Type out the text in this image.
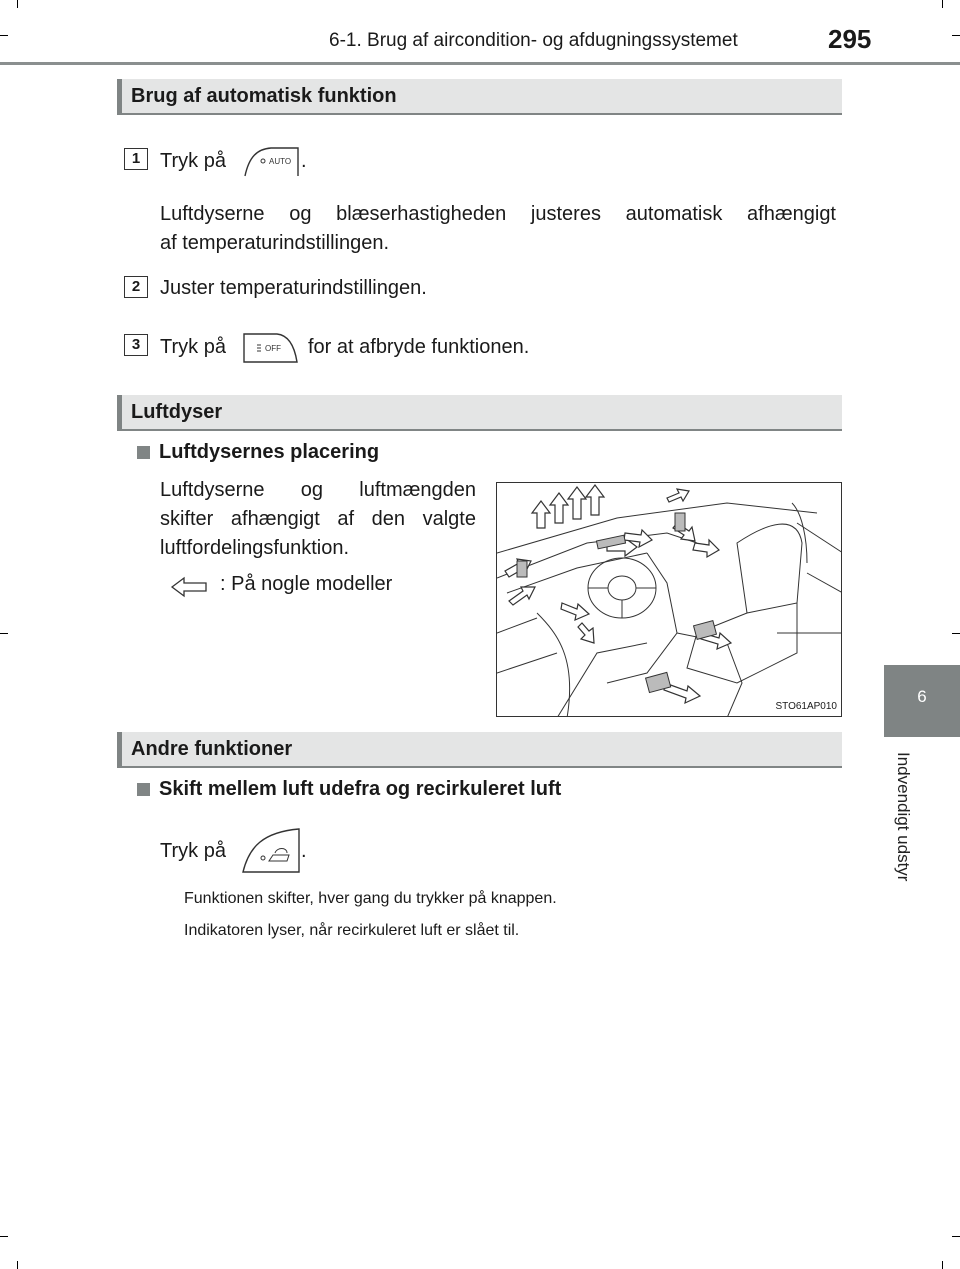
6-1. Brug af aircondition- og afdugningssystemet	295
6
Indvendigt udstyr
Brug af automatisk funktion
1 Tryk på	AUTO .
Luftdyserne og blæserhastigheden justeres automatisk afhængigt
af temperaturindstillingen.
2 Juster temperaturindstillingen.
3 Tryk på	OFF for at afbryde funktionen.
Luftdyser
Luftdysernes placering
Luftdyserne og luftmængden
skifter afhængigt af den valgte
luftfordelingsfunktion.
: På nogle modeller
STO61AP010
Andre funktioner
Skift mellem luft udefra og recirkuleret luft
Tryk på	.
Funktionen skifter, hver gang du trykker på knappen.
Indikatoren lyser, når recirkuleret luft er slået til.
